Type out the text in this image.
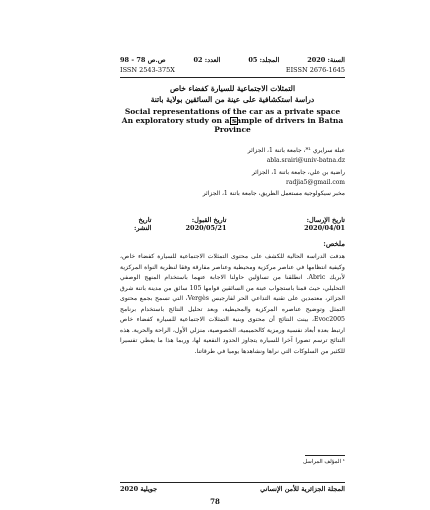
السنة: 2020
المجلد: 05
العدد: 02
ص.ص 78 - 98
ISSN 2543-375X	EISSN 2676-1645
التمثلات الاجتماعية للسيارة كفضاء خاص
دراسة استكشافية على عينة من السائقين بولاية باتنة
Social representations of the car as a private space
An exploratory study on a sample of drivers in Batna
Province
عبلة سرايري ¹*، جامعة باتنة 1، الجزائر
abla.srairi@univ-batna.dz
راضية بن علي، جامعة باتنة 1، الجزائر
radjia5@gmail.com
مخبر سيكولوجية مستعمل الطريق، جامعة باتنة 1، الجزائر
تاريخ الإرسال: 2020/04/01
تاريخ القبول: 2020/05/21
تاريخ النشر:
ملخص:
هدفت الدراسة الحالية للكشف على محتوى التمثلات الاجتماعية للسيارة كفضاء خاص، وكيفية انتظامها في عناصر مركزية ومحيطية وعناصر مفارقة وفقا لنظرية النواة المركزية لأبريك Abric. انطلقنا من تساؤلين حاولنا الاجابة عنهما باستخدام المنهج الوصفي التحليلي، حيث قمنا باستجواب عينة من السائقين قوامها 105 سائق من مدينة باتنة شرق الجزائر، معتمدين على تقنية التداعي الحر لفارجيس Vergès، التي تسمح بجمع محتوى التمثل وتوضيح عناصره المركزية والمحيطية، وبعد تحليل النتائج باستخدام برنامج Evoc2005، بينت النتائج أن محتوى وبنية التمثلات الاجتماعية للسيارة كفضاء خاص ارتبط بعدة أبعاد نفسية ورمزية كالحميمية، الخصوصية، منزلي الأول، الراحة والحرية. هذه النتائج ترسم تصورا آخرا للسيارة يتجاوز الحدود النفعية لها، وربما هذا ما يعطي تفسيرا للكثير من السلوكات التي نراها ونشاهدها يوميا في طرقاتنا.
¹ المؤلف المراسل
المجلة الجزائرية للأمن الإنساني
جويلية 2020
78
